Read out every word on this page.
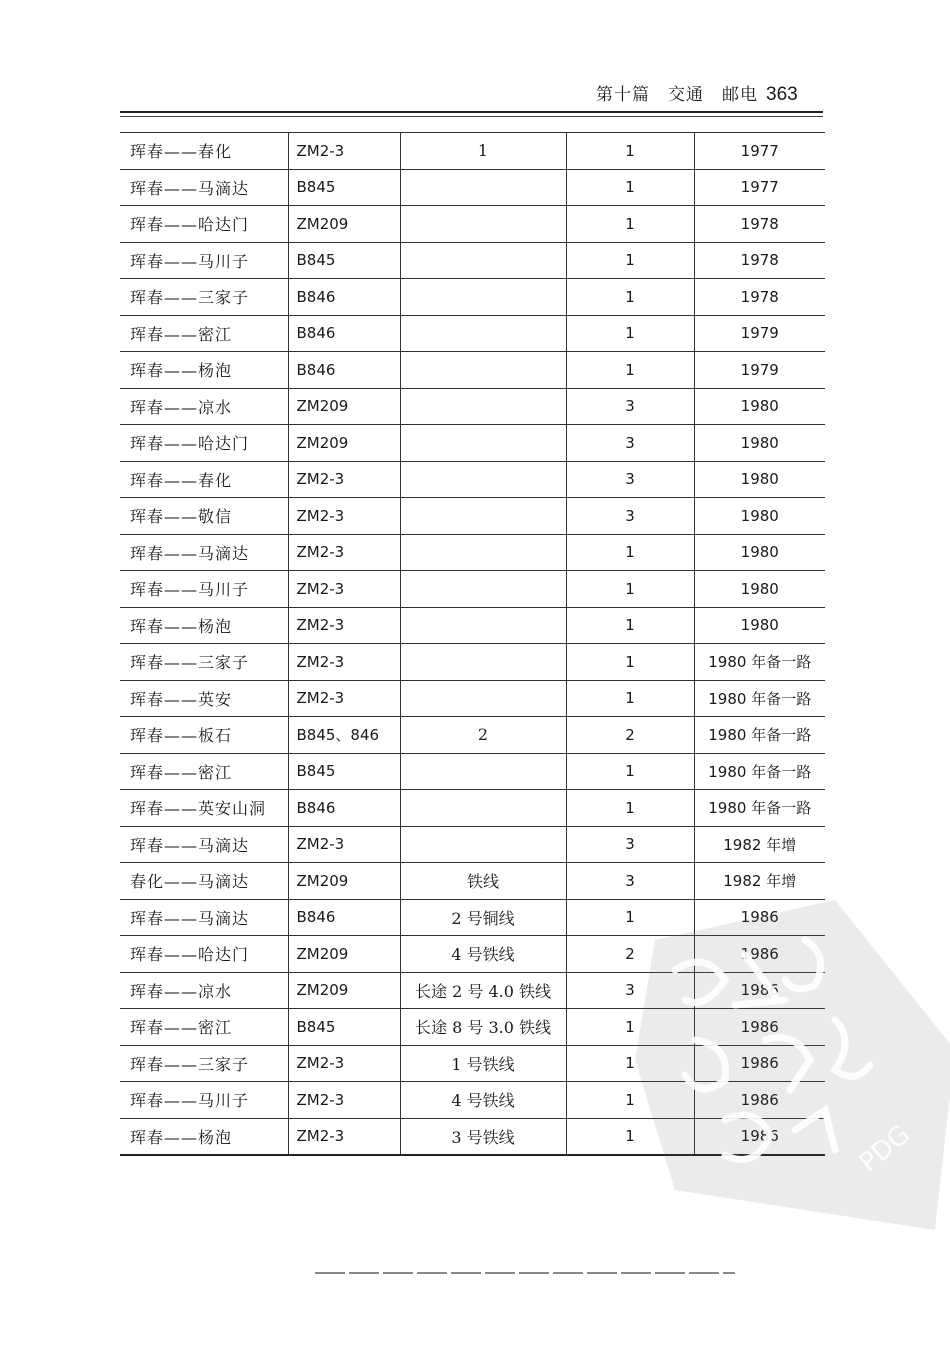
第十篇　交通　邮电 363
珲春——春化	ZM2-3	1	1	1977
珲春——马滴达	B845		1	1977
珲春——哈达门	ZM209		1	1978
珲春——马川子	B845		1	1978
珲春——三家子	B846		1	1978
珲春——密江	B846		1	1979
珲春——杨泡	B846		1	1979
珲春——凉水	ZM209		3	1980
珲春——哈达门	ZM209		3	1980
珲春——春化	ZM2-3		3	1980
珲春——敬信	ZM2-3		3	1980
珲春——马滴达	ZM2-3		1	1980
珲春——马川子	ZM2-3		1	1980
珲春——杨泡	ZM2-3		1	1980
珲春——三家子	ZM2-3		1	1980 年备一路
珲春——英安	ZM2-3		1	1980 年备一路
珲春——板石	B845、846	2	2	1980 年备一路
珲春——密江	B845		1	1980 年备一路
珲春——英安山洞	B846		1	1980 年备一路
珲春——马滴达	ZM2-3		3	1982 年增
春化——马滴达	ZM209	铁线	3	1982 年增
珲春——马滴达	B846	2 号铜线	1	1986
珲春——哈达门	ZM209	4 号铁线	2	1986
珲春——凉水	ZM209	长途 2 号 4.0 铁线	3	1986
珲春——密江	B845	长途 8 号 3.0 铁线	1	1986
珲春——三家子	ZM2-3	1 号铁线	1	1986
珲春——马川子	ZM2-3	4 号铁线	1	1986
珲春——杨泡	ZM2-3	3 号铁线	1	1986	PDG
